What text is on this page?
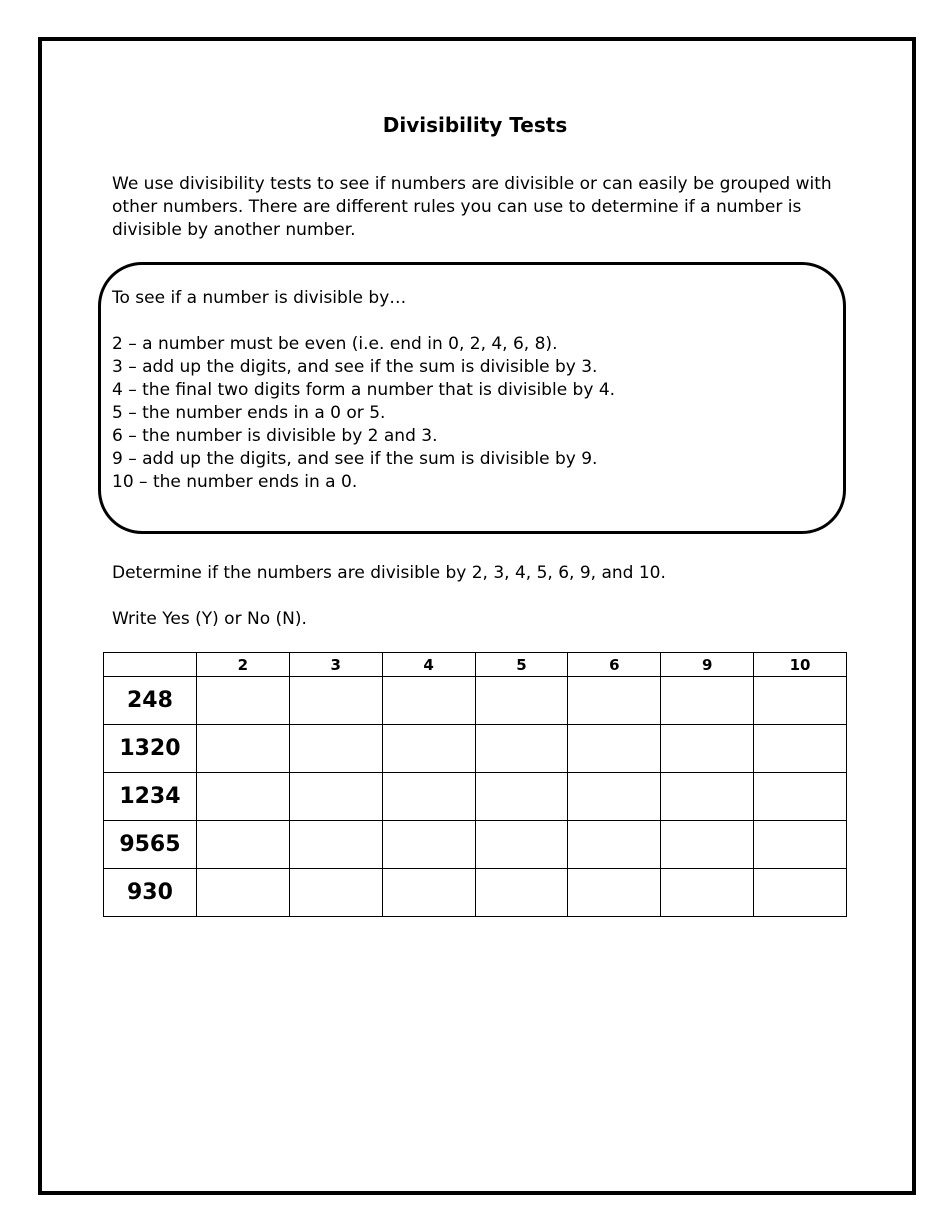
Divisibility Tests

We use divisibility tests to see if numbers are divisible or can easily be grouped with other numbers. There are different rules you can use to determine if a number is divisible by another number.

To see if a number is divisible by…

2 – a number must be even (i.e. end in 0, 2, 4, 6, 8).
3 – add up the digits, and see if the sum is divisible by 3.
4 – the final two digits form a number that is divisible by 4.
5 – the number ends in a 0 or 5.
6 – the number is divisible by 2 and 3.
9 – add up the digits, and see if the sum is divisible by 9.
10 – the number ends in a 0.

Determine if the numbers are divisible by 2, 3, 4, 5, 6, 9, and 10.

Write Yes (Y) or No (N).

	2	3	4	5	6	9	10
248							
1320							
1234							
9565							
930							
